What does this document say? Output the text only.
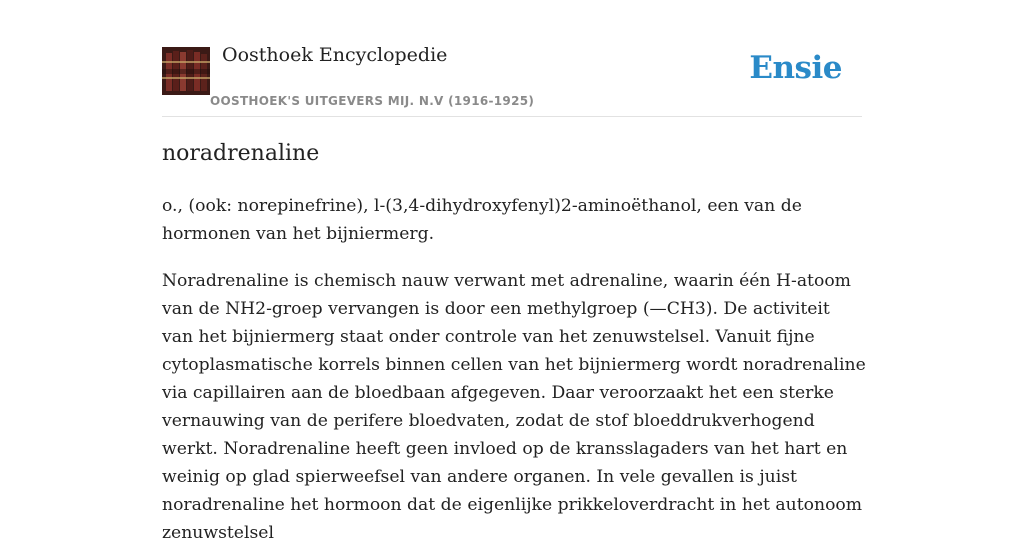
Oosthoek Encyclopedie
OOSTHOEK'S UITGEVERS MIJ. N.V (1916-1925)
Ensie
noradrenaline

o., (ook: norepinefrine), l-(3,4-dihydroxyfenyl)2-aminoëthanol, een van de hormonen van het bijniermerg.

Noradrenaline is chemisch nauw verwant met adrenaline, waarin één H-atoom van de NH2-groep vervangen is door een methylgroep (—CH3). De activiteit van het bijniermerg staat onder controle van het zenuwstelsel. Vanuit fijne cytoplasmatische korrels binnen cellen van het bijniermerg wordt noradrenaline via capillairen aan de bloedbaan afgegeven. Daar veroorzaakt het een sterke vernauwing van de perifere bloedvaten, zodat de stof bloeddrukverhogend werkt. Noradrenaline heeft geen invloed op de kransslagaders van het hart en weinig op glad spierweefsel van andere organen. In vele gevallen is juist noradrenaline het hormoon dat de eigenlijke prikkeloverdracht in het autonoom zenuwstelsel
